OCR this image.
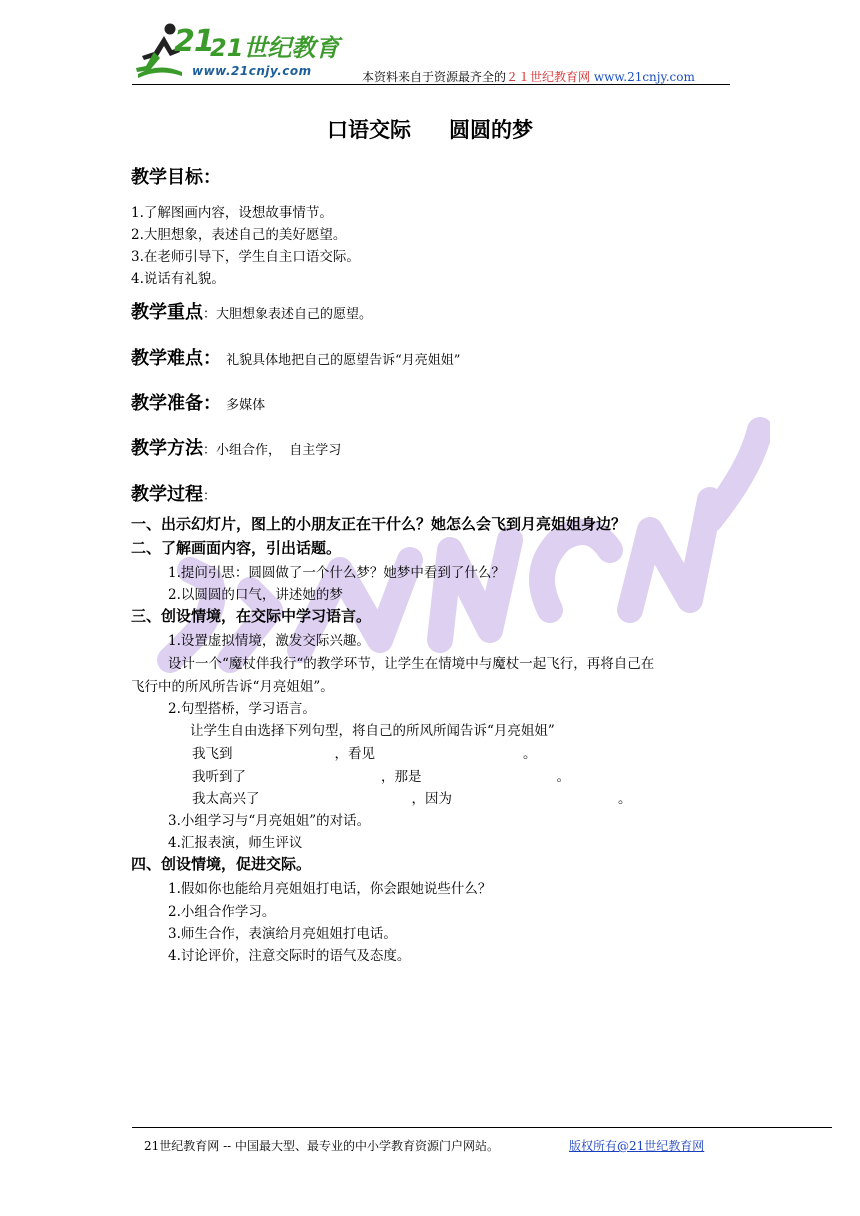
21
21世纪教育
www.21cnjy.com	本资料来自于资源最齐全的２１世纪教育网 www.21cnjy.com
口语交际 圆圆的梦
教学目标：
1.了解图画内容，设想故事情节。
2.大胆想象，表述自己的美好愿望。
3.在老师引导下，学生自主口语交际。
4.说话有礼貌。
教学重点：大胆想象表述自己的愿望。
教学难点： 礼貌具体地把自己的愿望告诉“月亮姐姐”
教学准备： 多媒体
教学方法：小组合作，  自主学习
教学过程：
一、出示幻灯片，图上的小朋友正在干什么？她怎么会飞到月亮姐姐身边？
二、了解画面内容，引出话题。
1.提问引思：圆圆做了一个什么梦？她梦中看到了什么？
2.以圆圆的口气，讲述她的梦
三、创设情境，在交际中学习语言。
1.设置虚拟情境，激发交际兴趣。
设计一个“魔杖伴我行“的教学环节，让学生在情境中与魔杖一起飞行，再将自己在
飞行中的所风所告诉“月亮姐姐”。
2.句型搭桥，学习语言。
让学生自由选择下列句型，将自己的所风所闻告诉“月亮姐姐”
我飞到	，看见	。
我听到了	，那是	。
我太高兴了	，因为	。
3.小组学习与“月亮姐姐”的对话。
4.汇报表演，师生评议
四、创设情境，促进交际。
1.假如你也能给月亮姐姐打电话，你会跟她说些什么？
2.小组合作学习。
3.师生合作，表演给月亮姐姐打电话。
4.讨论评价，注意交际时的语气及态度。
21世纪教育网 -- 中国最大型、最专业的中小学教育资源门户网站。	版权所有@21世纪教育网
